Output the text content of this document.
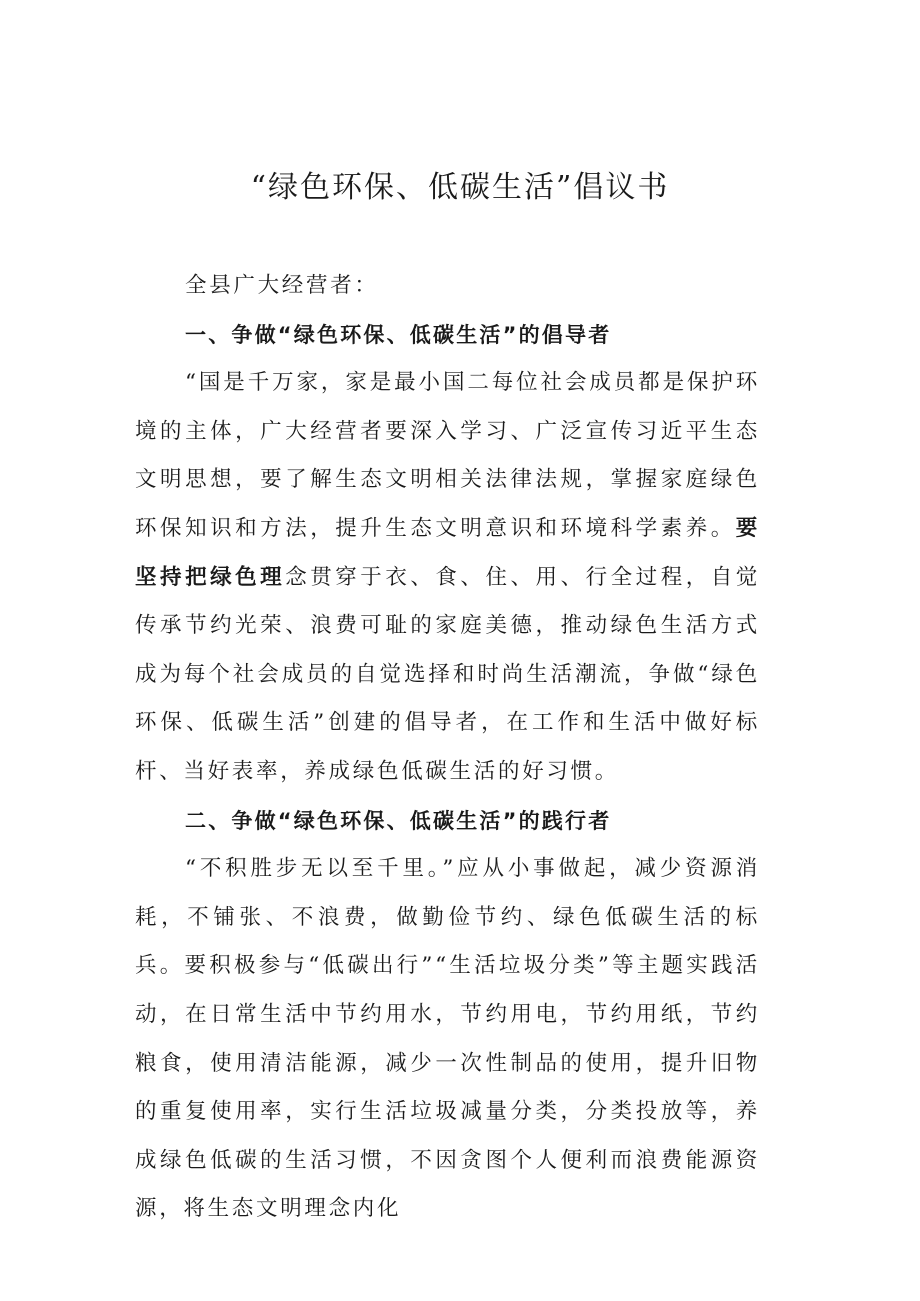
“绿色环保、低碳生活”倡议书

全县广大经营者：

一、争做“绿色环保、低碳生活”的倡导者

“国是千万家，家是最小国二每位社会成员都是保护环境的主体，广大经营者要深入学习、广泛宣传习近平生态文明思想，要了解生态文明相关法律法规，掌握家庭绿色环保知识和方法，提升生态文明意识和环境科学素养。要坚持把绿色理念贯穿于衣、食、住、用、行全过程，自觉传承节约光荣、浪费可耻的家庭美德，推动绿色生活方式成为每个社会成员的自觉选择和时尚生活潮流，争做“绿色环保、低碳生活”创建的倡导者，在工作和生活中做好标杆、当好表率，养成绿色低碳生活的好习惯。

二、争做“绿色环保、低碳生活”的践行者

“不积胜步无以至千里。”应从小事做起，减少资源消耗，不铺张、不浪费，做勤俭节约、绿色低碳生活的标兵。要积极参与“低碳出行”“生活垃圾分类”等主题实践活动，在日常生活中节约用水，节约用电，节约用纸，节约粮食，使用清洁能源，减少一次性制品的使用，提升旧物的重复使用率，实行生活垃圾减量分类，分类投放等，养成绿色低碳的生活习惯，不因贪图个人便利而浪费能源资源，将生态文明理念内化
